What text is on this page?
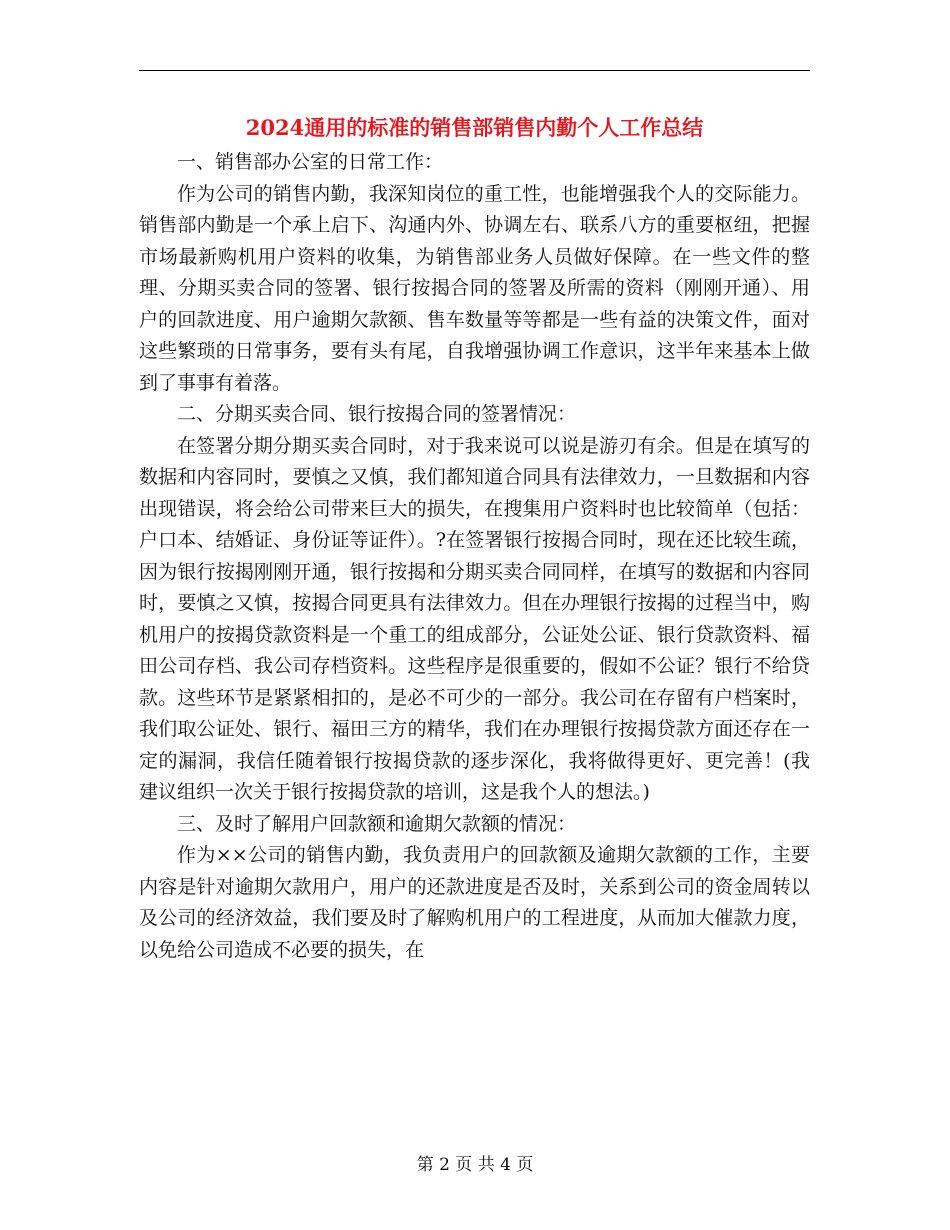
2024通用的标准的销售部销售内勤个人工作总结

一、销售部办公室的日常工作：

作为公司的销售内勤，我深知岗位的重工性，也能增强我个人的交际能力。销售部内勤是一个承上启下、沟通内外、协调左右、联系八方的重要枢纽，把握市场最新购机用户资料的收集，为销售部业务人员做好保障。在一些文件的整理、分期买卖合同的签署、银行按揭合同的签署及所需的资料（刚刚开通）、用户的回款进度、用户逾期欠款额、售车数量等等都是一些有益的决策文件，面对这些繁琐的日常事务，要有头有尾，自我增强协调工作意识，这半年来基本上做到了事事有着落。

二、分期买卖合同、银行按揭合同的签署情况：

在签署分期分期买卖合同时，对于我来说可以说是游刃有余。但是在填写的数据和内容同时，要慎之又慎，我们都知道合同具有法律效力，一旦数据和内容出现错误，将会给公司带来巨大的损失，在搜集用户资料时也比较简单（包括：户口本、结婚证、身份证等证件）。?在签署银行按揭合同时，现在还比较生疏，因为银行按揭刚刚开通，银行按揭和分期买卖合同同样，在填写的数据和内容同时，要慎之又慎，按揭合同更具有法律效力。但在办理银行按揭的过程当中，购机用户的按揭贷款资料是一个重工的组成部分，公证处公证、银行贷款资料、福田公司存档、我公司存档资料。这些程序是很重要的，假如不公证？银行不给贷款。这些环节是紧紧相扣的，是必不可少的一部分。我公司在存留有户档案时，我们取公证处、银行、福田三方的精华，我们在办理银行按揭贷款方面还存在一定的漏洞，我信任随着银行按揭贷款的逐步深化，我将做得更好、更完善！(我建议组织一次关于银行按揭贷款的培训，这是我个人的想法。)

三、及时了解用户回款额和逾期欠款额的情况：

作为××公司的销售内勤，我负责用户的回款额及逾期欠款额的工作，主要内容是针对逾期欠款用户，用户的还款进度是否及时，关系到公司的资金周转以及公司的经济效益，我们要及时了解购机用户的工程进度，从而加大催款力度，以免给公司造成不必要的损失，在

第 2 页 共 4 页
